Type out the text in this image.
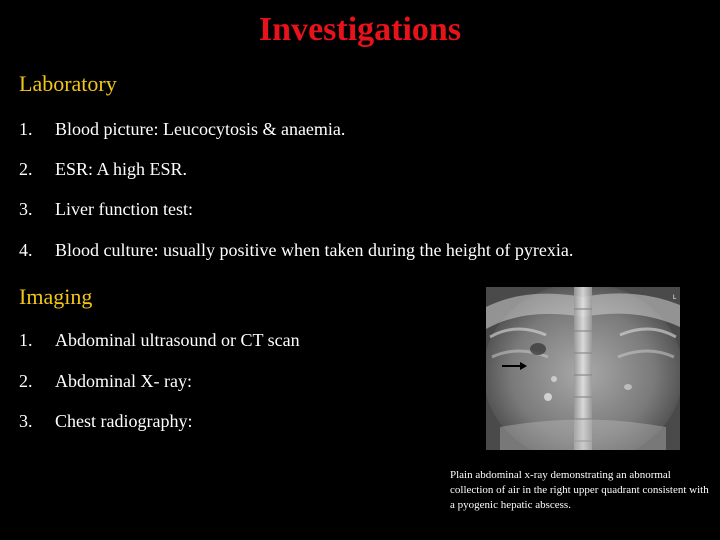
Investigations
Laboratory
1. Blood picture: Leucocytosis & anaemia.
2. ESR: A high ESR.
3. Liver function test:
4. Blood culture: usually positive when taken during the height of pyrexia.
Imaging
1. Abdominal ultrasound or CT scan
2. Abdominal X- ray:
3. Chest radiography:
L
Plain abdominal x-ray demonstrating an abnormal collection of air in the right upper quadrant consistent with a pyogenic hepatic abscess.
